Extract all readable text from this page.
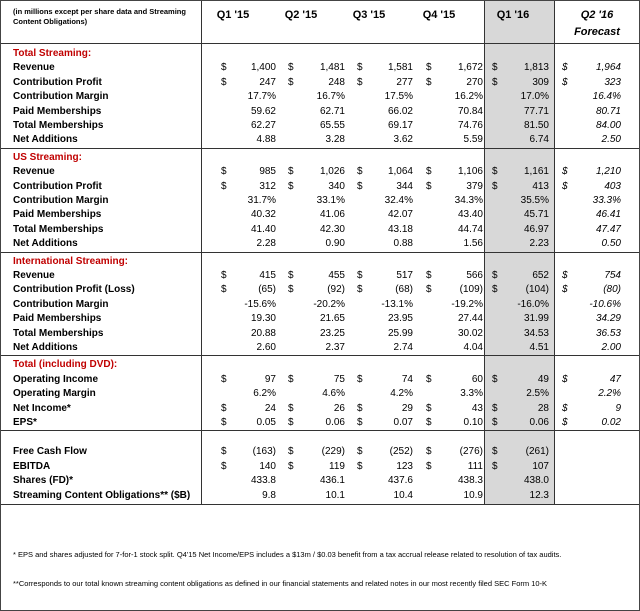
(in millions except per share data and Streaming Content Obligations)
Q1 '15	Q2 '15	Q3 '15	Q4 '15	Q1 '16	Q2 '16
Forecast
Total Streaming:
Revenue	$	1,400 $	1,481 $	1,581 $	1,672 $	1,813 $	1,964
Contribution Profit	$	247 $	248 $	277 $	270 $	309 $	323
Contribution Margin	17.7%	16.7%	17.5%	16.2%	17.0%	16.4%
Paid Memberships	59.62	62.71	66.02	70.84	77.71	80.71
Total Memberships	62.27	65.55	69.17	74.76	81.50	84.00
Net Additions	4.88	3.28	3.62	5.59	6.74	2.50
US Streaming:
Revenue	$	985 $	1,026 $	1,064 $	1,106 $	1,161 $	1,210
Contribution Profit	$	312 $	340 $	344 $	379 $	413 $	403
Contribution Margin	31.7%	33.1%	32.4%	34.3%	35.5%	33.3%
Paid Memberships	40.32	41.06	42.07	43.40	45.71	46.41
Total Memberships	41.40	42.30	43.18	44.74	46.97	47.47
Net Additions	2.28	0.90	0.88	1.56	2.23	0.50
International Streaming:
Revenue	$	415 $	455 $	517 $	566 $	652 $	754
Contribution Profit (Loss)	$	(65) $	(92) $	(68) $	(109) $	(104) $	(80)
Contribution Margin	-15.6%	-20.2%	-13.1%	-19.2%	-16.0%	-10.6%
Paid Memberships	19.30	21.65	23.95	27.44	31.99	34.29
Total Memberships	20.88	23.25	25.99	30.02	34.53	36.53
Net Additions	2.60	2.37	2.74	4.04	4.51	2.00
Total (including DVD):
Operating Income	$	97 $	75 $	74 $	60 $	49 $	47
Operating Margin	6.2%	4.6%	4.2%	3.3%	2.5%	2.2%
Net Income*	$	24 $	26 $	29 $	43 $	28 $	9
EPS*	$	0.05 $	0.06 $	0.07 $	0.10 $	0.06 $	0.02
Free Cash Flow	$	(163) $	(229) $	(252) $	(276) $	(261)
EBITDA	$	140 $	119 $	123 $	111 $	107
Shares (FD)*	433.8	436.1	437.6	438.3	438.0
Streaming Content Obligations** ($B)	9.8	10.1	10.4	10.9	12.3
* EPS and shares adjusted for 7-for-1 stock split. Q4'15 Net Income/EPS includes a $13m / $0.03 benefit from a tax accrual release related to resolution of tax audits.
**Corresponds to our total known streaming content obligations as defined in our financial statements and related notes in our most recently filed SEC Form 10-K
